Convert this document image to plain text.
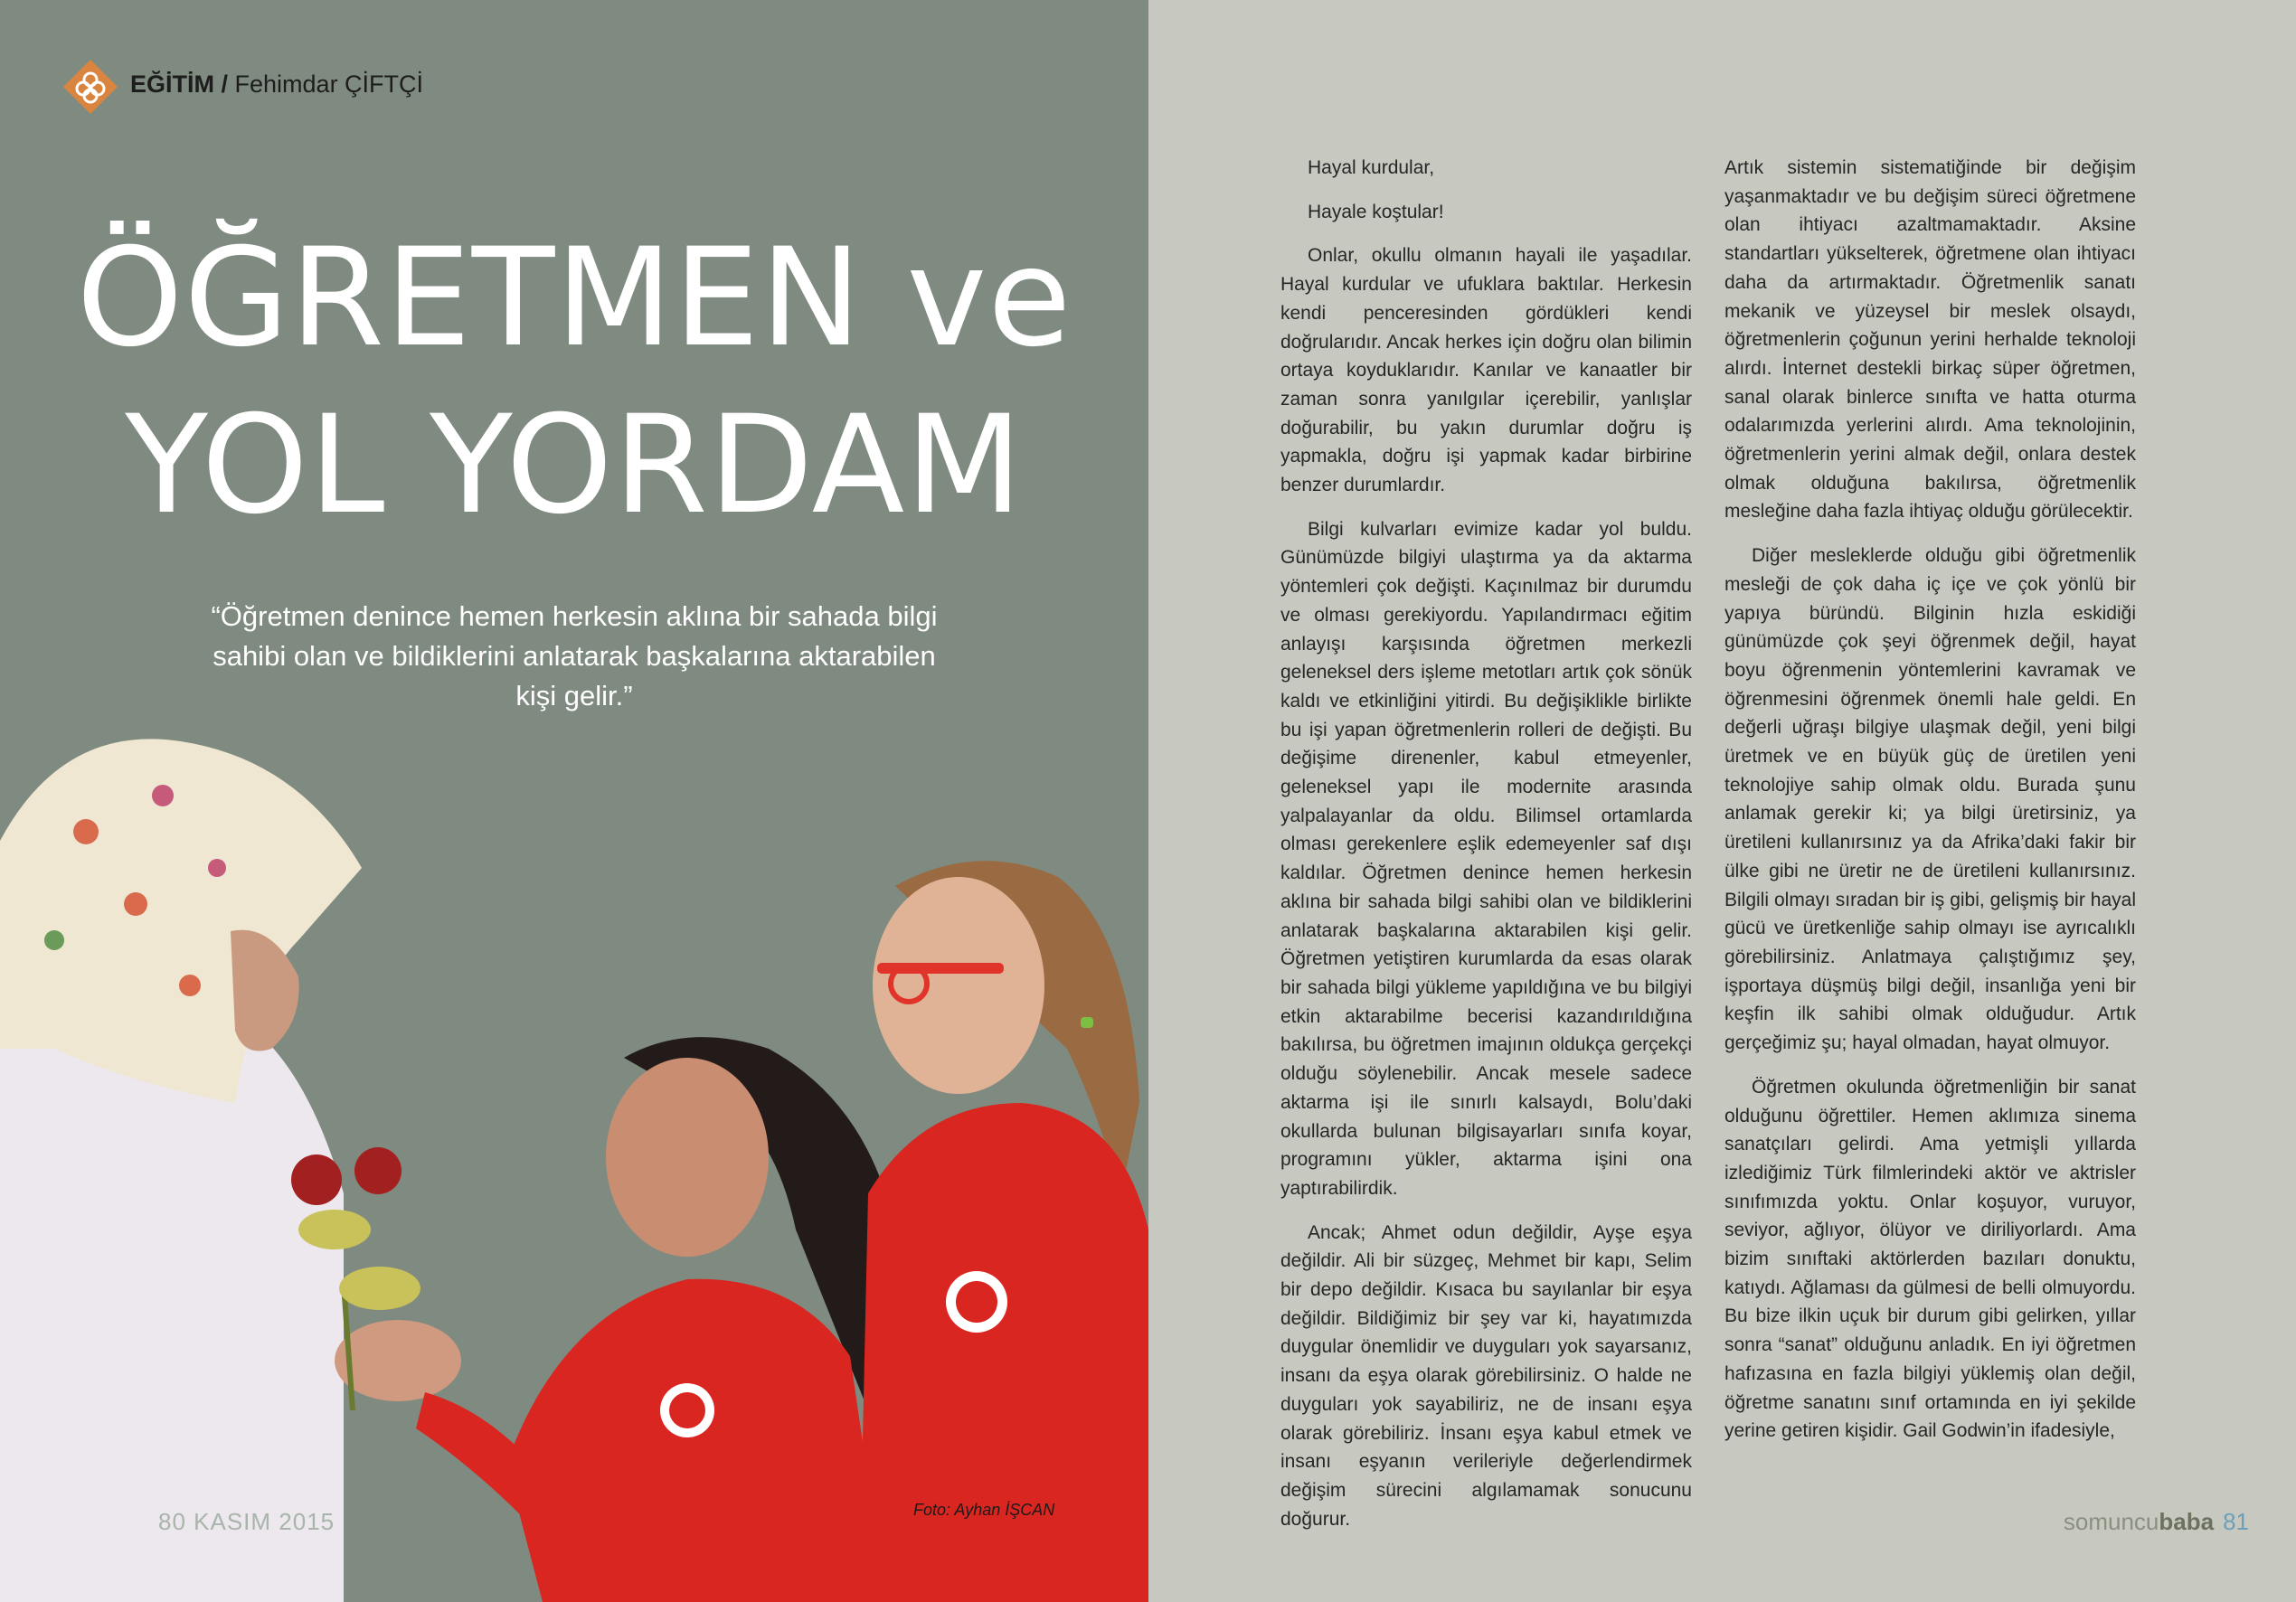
EĞİTİM / Fehimdar ÇİFTÇİ
ÖĞRETMEN ve
YOL YORDAM
“Öğretmen denince hemen herkesin aklına bir sahada bilgi sahibi olan ve bildiklerini anlatarak başkalarına aktarabilen kişi gelir.”
Foto: Ayhan İŞCAN
80 KASIM 2015

Hayal kurdular,

Hayale koştular!

Onlar, okullu olmanın hayali ile yaşadılar. Hayal kurdular ve ufuklara baktılar. Herkesin kendi penceresinden gördükleri kendi doğrularıdır. Ancak herkes için doğru olan bilimin ortaya koyduklarıdır. Kanılar ve kanaatler bir zaman sonra yanılgılar içerebilir, yanlışlar doğurabilir, bu yakın durumlar doğru iş yapmakla, doğru işi yapmak kadar birbirine benzer durumlardır.

Bilgi kulvarları evimize kadar yol buldu. Günümüzde bilgiyi ulaştırma ya da aktarma yöntemleri çok değişti. Kaçınılmaz bir durumdu ve olması gerekiyordu. Yapılandırmacı eğitim anlayışı karşısında öğretmen merkezli geleneksel ders işleme metotları artık çok sönük kaldı ve etkinliğini yitirdi. Bu değişiklikle birlikte bu işi yapan öğretmenlerin rolleri de değişti. Bu değişime direnenler, kabul etmeyenler, geleneksel yapı ile modernite arasında yalpalayanlar da oldu. Bilimsel ortamlarda olması gerekenlere eşlik edemeyenler saf dışı kaldılar. Öğretmen denince hemen herkesin aklına bir sahada bilgi sahibi olan ve bildiklerini anlatarak başkalarına aktarabilen kişi gelir. Öğretmen yetiştiren kurumlarda da esas olarak bir sahada bilgi yükleme yapıldığına ve bu bilgiyi etkin aktarabilme becerisi kazandırıldığına bakılırsa, bu öğretmen imajının oldukça gerçekçi olduğu söylenebilir. Ancak mesele sadece aktarma işi ile sınırlı kalsaydı, Bolu’daki okullarda bulunan bilgisayarları sınıfa koyar, programını yükler, aktarma işini ona yaptırabilirdik.

Ancak; Ahmet odun değildir, Ayşe eşya değildir. Ali bir süzgeç, Mehmet bir kapı, Selim bir depo değildir. Kısaca bu sayılanlar bir eşya değildir. Bildiğimiz bir şey var ki, hayatımızda duygular önemlidir ve duyguları yok sayarsanız, insanı da eşya olarak görebilirsiniz. O halde ne duyguları yok sayabiliriz, ne de insanı eşya olarak görebiliriz. İnsanı eşya kabul etmek ve insanı eşyanın verileriyle değerlendirmek değişim sürecini algılamamak sonucunu doğurur.

Artık sistemin sistematiğinde bir değişim yaşanmaktadır ve bu değişim süreci öğretmene olan ihtiyacı azaltmamaktadır. Aksine standartları yükselterek, öğretmene olan ihtiyacı daha da artırmaktadır. Öğretmenlik sanatı mekanik ve yüzeysel bir meslek olsaydı, öğretmenlerin çoğunun yerini herhalde teknoloji alırdı. İnternet destekli birkaç süper öğretmen, sanal olarak binlerce sınıfta ve hatta oturma odalarımızda yerlerini alırdı. Ama teknolojinin, öğretmenlerin yerini almak değil, onlara destek olmak olduğuna bakılırsa, öğretmenlik mesleğine daha fazla ihtiyaç olduğu görülecektir.

Diğer mesleklerde olduğu gibi öğretmenlik mesleği de çok daha iç içe ve çok yönlü bir yapıya büründü. Bilginin hızla eskidiği günümüzde çok şeyi öğrenmek değil, hayat boyu öğrenmenin yöntemlerini kavramak ve öğrenmesini öğrenmek önemli hale geldi. En değerli uğraşı bilgiye ulaşmak değil, yeni bilgi üretmek ve en büyük güç de üretilen yeni teknolojiye sahip olmak oldu. Burada şunu anlamak gerekir ki; ya bilgi üretirsiniz, ya üretileni kullanırsınız ya da Afrika’daki fakir bir ülke gibi ne üretir ne de üretileni kullanırsınız. Bilgili olmayı sıradan bir iş gibi, gelişmiş bir hayal gücü ve üretkenliğe sahip olmayı ise ayrıcalıklı görebilirsiniz. Anlatmaya çalıştığımız şey, işportaya düşmüş bilgi değil, insanlığa yeni bir keşfin ilk sahibi olmak olduğudur. Artık gerçeğimiz şu; hayal olmadan, hayat olmuyor.

Öğretmen okulunda öğretmenliğin bir sanat olduğunu öğrettiler. Hemen aklımıza sinema sanatçıları gelirdi. Ama yetmişli yıllarda izlediğimiz Türk filmlerindeki aktör ve aktrisler sınıfımızda yoktu. Onlar koşuyor, vuruyor, seviyor, ağlıyor, ölüyor ve diriliyorlardı. Ama bizim sınıftaki aktörlerden bazıları donuktu, katıydı. Ağlaması da gülmesi de belli olmuyordu. Bu bize ilkin uçuk bir durum gibi gelirken, yıllar sonra “sanat” olduğunu anladık. En iyi öğretmen hafızasına en fazla bilgiyi yüklemiş olan değil, öğretme sanatını sınıf ortamında en iyi şekilde yerine getiren kişidir. Gail Godwin’in ifadesiyle,

somuncubaba 81
